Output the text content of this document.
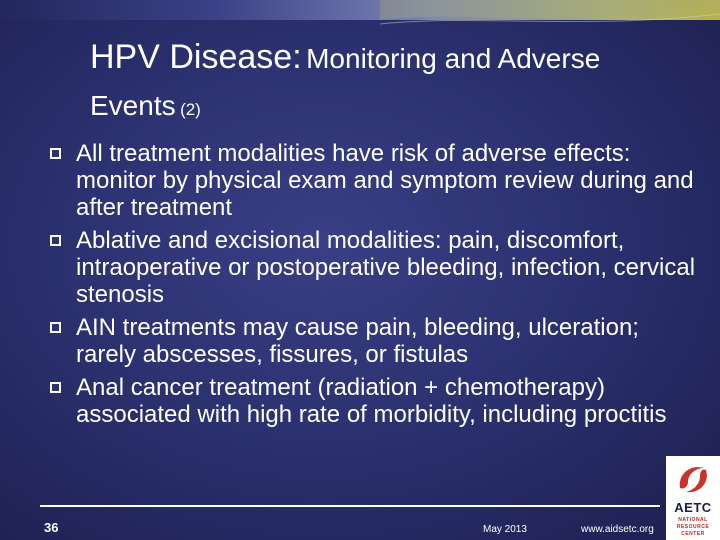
HPV Disease: Monitoring and Adverse
Events (2)
All treatment modalities have risk of adverse effects: monitor by physical exam and symptom review during and after treatment
Ablative and excisional modalities: pain, discomfort, intraoperative or postoperative bleeding, infection, cervical stenosis
AIN treatments may cause pain, bleeding, ulceration; rarely abscesses, fissures, or fistulas
Anal cancer treatment (radiation + chemotherapy) associated with high rate of morbidity, including proctitis
36	May 2013	www.aidsetc.org
AETC
NATIONAL
RESOURCE
CENTER
